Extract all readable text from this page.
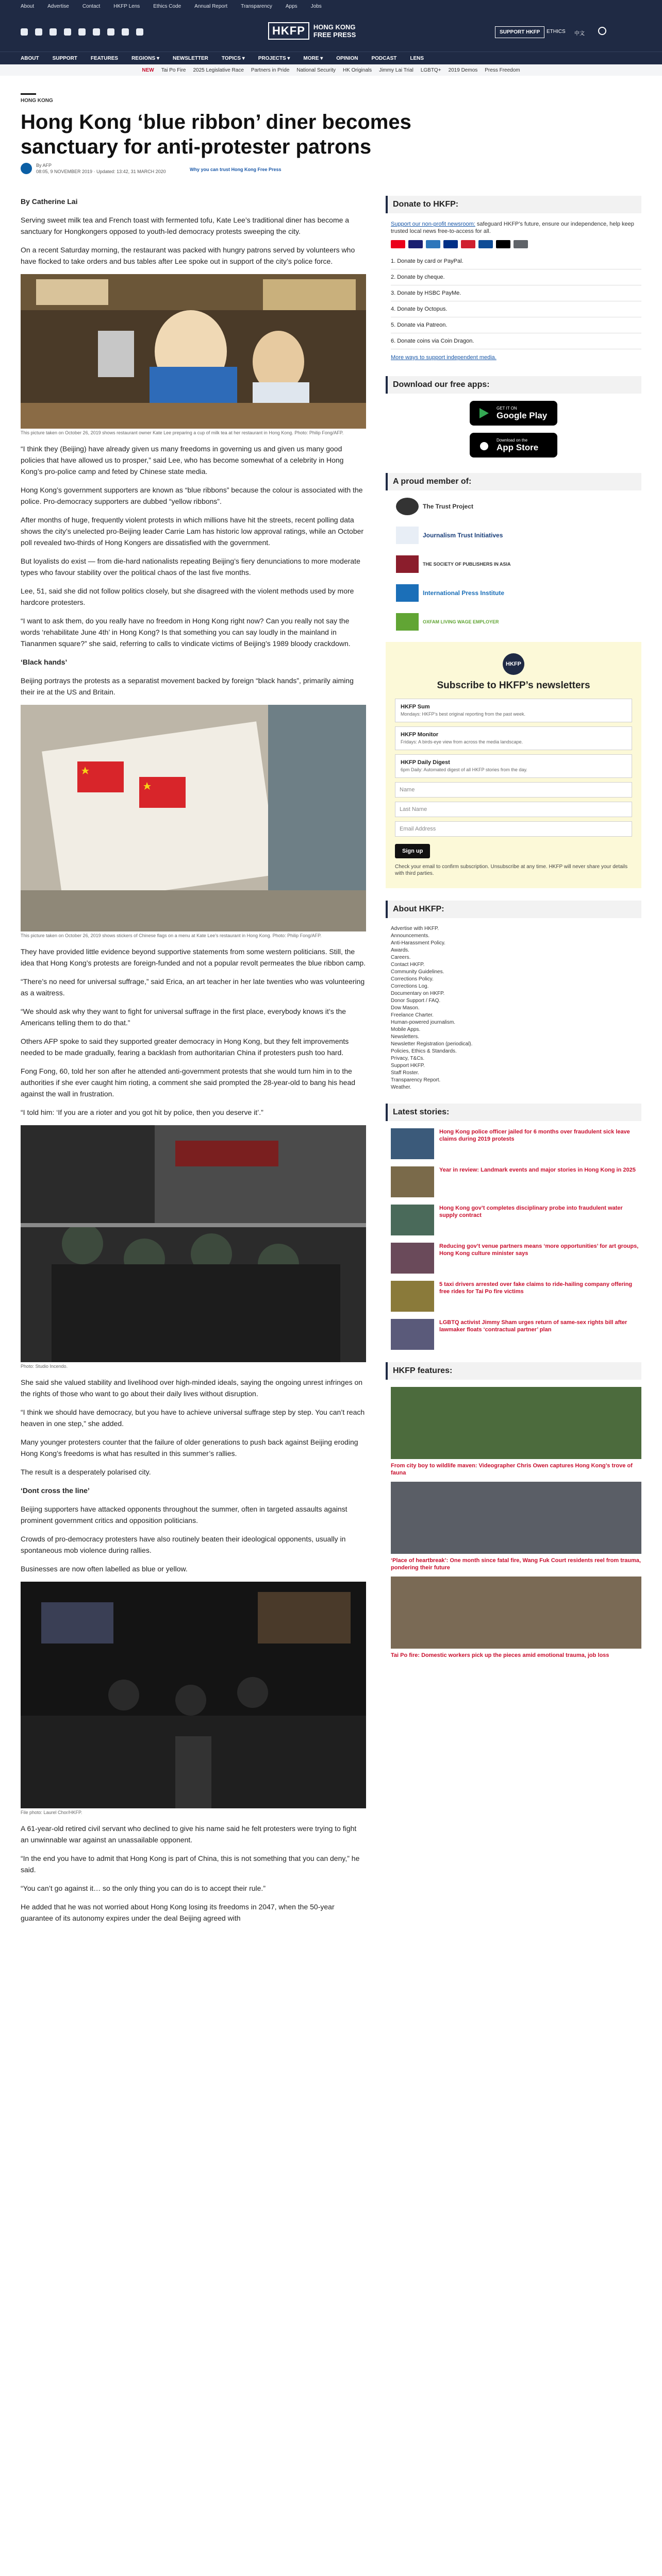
About	Advertise	Contact	HKFP Lens	Ethics Code	Annual Report	Transparency	Apps	Jobs
HKFP	HONG KONG
FREE PRESS	SUPPORT HKFP	ETHICS 中文
ABOUT	SUPPORT	FEATURES	REGIONS ▾	NEWSLETTER	TOPICS ▾	PROJECTS ▾	MORE ▾	OPINION	PODCAST	LENS
NEW Tai Po Fire 2025 Legislative Race Partners in Pride National Security HK Originals Jimmy Lai Trial LGBTQ+ 2019 Demos Press Freedom
HONG KONG
Hong Kong ‘blue ribbon’ diner becomes sanctuary for anti-protester patrons
By AFP
08:05, 9 NOVEMBER 2019 · Updated: 13:42, 31 MARCH 2020	Why you can trust Hong Kong Free Press

By Catherine Lai

Serving sweet milk tea and French toast with fermented tofu, Kate Lee’s traditional diner has become a sanctuary for Hongkongers opposed to youth-led democracy protests sweeping the city.

On a recent Saturday morning, the restaurant was packed with hungry patrons served by volunteers who have flocked to take orders and bus tables after Lee spoke out in support of the city’s police force.

This picture taken on October 26, 2019 shows restaurant owner Kate Lee preparing a cup of milk tea at her restaurant in Hong Kong. Photo: Philip Fong/AFP.

“I think they (Beijing) have already given us many freedoms in governing us and given us many good policies that have allowed us to prosper,” said Lee, who has become somewhat of a celebrity in Hong Kong’s pro-police camp and feted by Chinese state media.

Hong Kong’s government supporters are known as “blue ribbons” because the colour is associated with the police. Pro-democracy supporters are dubbed “yellow ribbons”.

After months of huge, frequently violent protests in which millions have hit the streets, recent polling data shows the city’s unelected pro-Beijing leader Carrie Lam has historic low approval ratings, while an October poll revealed two-thirds of Hong Kongers are dissatisfied with the government.

But loyalists do exist — from die-hard nationalists repeating Beijing’s fiery denunciations to more moderate types who favour stability over the political chaos of the last five months.

Lee, 51, said she did not follow politics closely, but she disagreed with the violent methods used by more hardcore protesters.

“I want to ask them, do you really have no freedom in Hong Kong right now? Can you really not say the words ‘rehabilitate June 4th’ in Hong Kong? Is that something you can say loudly in the mainland in Tiananmen square?” she said, referring to calls to vindicate victims of Beijing’s 1989 bloody crackdown.

‘Black hands’

Beijing portrays the protests as a separatist movement backed by foreign “black hands”, primarily aiming their ire at the US and Britain.

This picture taken on October 26, 2019 shows stickers of Chinese flags on a menu at Kate Lee’s restaurant in Hong Kong. Photo: Philip Fong/AFP.

They have provided little evidence beyond supportive statements from some western politicians. Still, the idea that Hong Kong’s protests are foreign-funded and not a popular revolt permeates the blue ribbon camp.

“There’s no need for universal suffrage,” said Erica, an art teacher in her late twenties who was volunteering as a waitress.

“We should ask why they want to fight for universal suffrage in the first place, everybody knows it’s the Americans telling them to do that.”

Others AFP spoke to said they supported greater democracy in Hong Kong, but they felt improvements needed to be made gradually, fearing a backlash from authoritarian China if protesters push too hard.

Fong Fong, 60, told her son after he attended anti-government protests that she would turn him in to the authorities if she ever caught him rioting, a comment she said prompted the 28-year-old to bang his head against the wall in frustration.

“I told him: ‘If you are a rioter and you got hit by police, then you deserve it’.”

Photo: Studio Incendo.

She said she valued stability and livelihood over high-minded ideals, saying the ongoing unrest infringes on the rights of those who want to go about their daily lives without disruption.

“I think we should have democracy, but you have to achieve universal suffrage step by step. You can’t reach heaven in one step,” she added.

Many younger protesters counter that the failure of older generations to push back against Beijing eroding Hong Kong’s freedoms is what has resulted in this summer’s rallies.

The result is a desperately polarised city.

‘Dont cross the line’

Beijing supporters have attacked opponents throughout the summer, often in targeted assaults against prominent government critics and opposition politicians.

Crowds of pro-democracy protesters have also routinely beaten their ideological opponents, usually in spontaneous mob violence during rallies.

Businesses are now often labelled as blue or yellow.

File photo: Laurel Chor/HKFP.

A 61-year-old retired civil servant who declined to give his name said he felt protesters were trying to fight an unwinnable war against an unassailable opponent.

“In the end you have to admit that Hong Kong is part of China, this is not something that you can deny,” he said.

“You can’t go against it… so the only thing you can do is to accept their rule.”

He added that he was not worried about Hong Kong losing its freedoms in 2047, when the 50-year guarantee of its autonomy expires under the deal Beijing agreed with

Donate to HKFP:

Support our non-profit newsroom: safeguard HKFP’s future, ensure our independence, help keep trusted local news free-to-access for all.

1. Donate by card or PayPal.
2. Donate by cheque.
3. Donate by HSBC PayMe.
4. Donate by Octopus.
5. Donate via Patreon.
6. Donate coins via Coin Dragon.
More ways to support independent media.
Download our free apps:
GET IT ON
Google Play
Download on the
App Store
A proud member of:
The Trust Project
Journalism Trust Initiatives
THE SOCIETY OF PUBLISHERS IN ASIA
International Press Institute
OXFAM LIVING WAGE EMPLOYER
HKFP
Subscribe to HKFP’s newsletters
HKFP Sum
Mondays: HKFP’s best original reporting from the past week.
HKFP Monitor
Fridays: A birds-eye view from across the media landscape.
HKFP Daily Digest
6pm Daily: Automated digest of all HKFP stories from the day.
Name
Last Name
Email Address
Sign up

Check your email to confirm subscription. Unsubscribe at any time. HKFP will never share your details with third parties.

About HKFP:
Advertise with HKFP.
Announcements.
Anti-Harassment Policy.
Awards.
Careers.
Contact HKFP.
Community Guidelines.
Corrections Policy.
Corrections Log.
Documentary on HKFP.
Donor Support / FAQ.
Dow Mason.
Freelance Charter.
Human-powered journalism.
Mobile Apps.
Newsletters.
Newsletter Registration (periodical).
Policies, Ethics & Standards.
Privacy, T&Cs.
Support HKFP.
Staff Roster.
Transparency Report.
Weather.
Latest stories:
Hong Kong police officer jailed for 6 months over fraudulent sick leave claims during 2019 protests
Year in review: Landmark events and major stories in Hong Kong in 2025
Hong Kong gov’t completes disciplinary probe into fraudulent water supply contract
Reducing gov’t venue partners means ‘more opportunities’ for art groups, Hong Kong culture minister says
5 taxi drivers arrested over fake claims to ride-hailing company offering free rides for Tai Po fire victims
LGBTQ activist Jimmy Sham urges return of same-sex rights bill after lawmaker floats ‘contractual partner’ plan
HKFP features:
From city boy to wildlife maven: Videographer Chris Owen captures Hong Kong’s trove of fauna
‘Place of heartbreak’: One month since fatal fire, Wang Fuk Court residents reel from trauma, pondering their future
Tai Po fire: Domestic workers pick up the pieces amid emotional trauma, job loss
